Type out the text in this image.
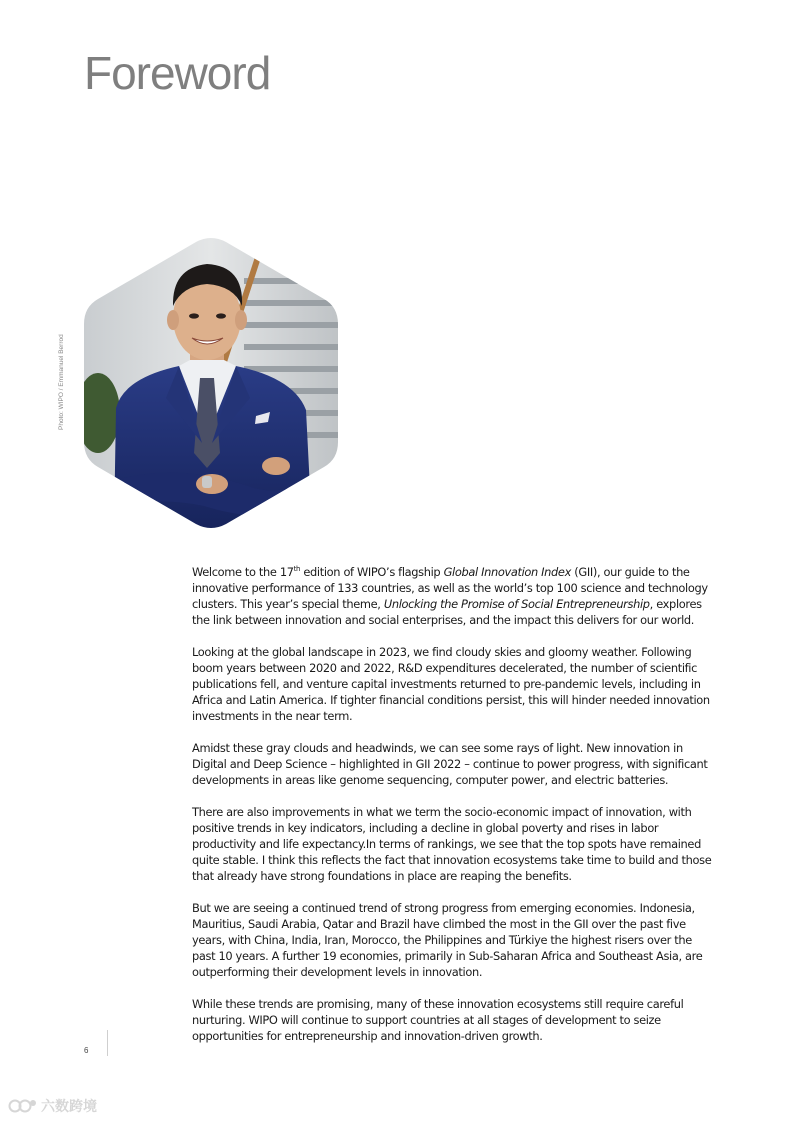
Foreword
Photo: WIPO / Emmanuel Berrod

Welcome to the 17th edition of WIPO’s flagship Global Innovation Index (GII), our guide to the innovative performance of 133 countries, as well as the world’s top 100 science and technology clusters. This year’s special theme, Unlocking the Promise of Social Entrepreneurship, explores the link between innovation and social enterprises, and the impact this delivers for our world.

Looking at the global landscape in 2023, we find cloudy skies and gloomy weather. Following boom years between 2020 and 2022, R&D expenditures decelerated, the number of scientific publications fell, and venture capital investments returned to pre-pandemic levels, including in Africa and Latin America. If tighter financial conditions persist, this will hinder needed innovation investments in the near term.

Amidst these gray clouds and headwinds, we can see some rays of light. New innovation in Digital and Deep Science – highlighted in GII 2022 – continue to power progress, with significant developments in areas like genome sequencing, computer power, and electric batteries.

There are also improvements in what we term the socio-economic impact of innovation, with positive trends in key indicators, including a decline in global poverty and rises in labor productivity and life expectancy.In terms of rankings, we see that the top spots have remained quite stable. I think this reflects the fact that innovation ecosystems take time to build and those that already have strong foundations in place are reaping the benefits.

But we are seeing a continued trend of strong progress from emerging economies. Indonesia, Mauritius, Saudi Arabia, Qatar and Brazil have climbed the most in the GII over the past five years, with China, India, Iran, Morocco, the Philippines and Türkiye the highest risers over the past 10 years. A further 19 economies, primarily in Sub-Saharan Africa and Southeast Asia, are outperforming their development levels in innovation.

While these trends are promising, many of these innovation ecosystems still require careful nurturing. WIPO will continue to support countries at all stages of development to seize opportunities for entrepreneurship and innovation-driven growth.

6
六数跨境
